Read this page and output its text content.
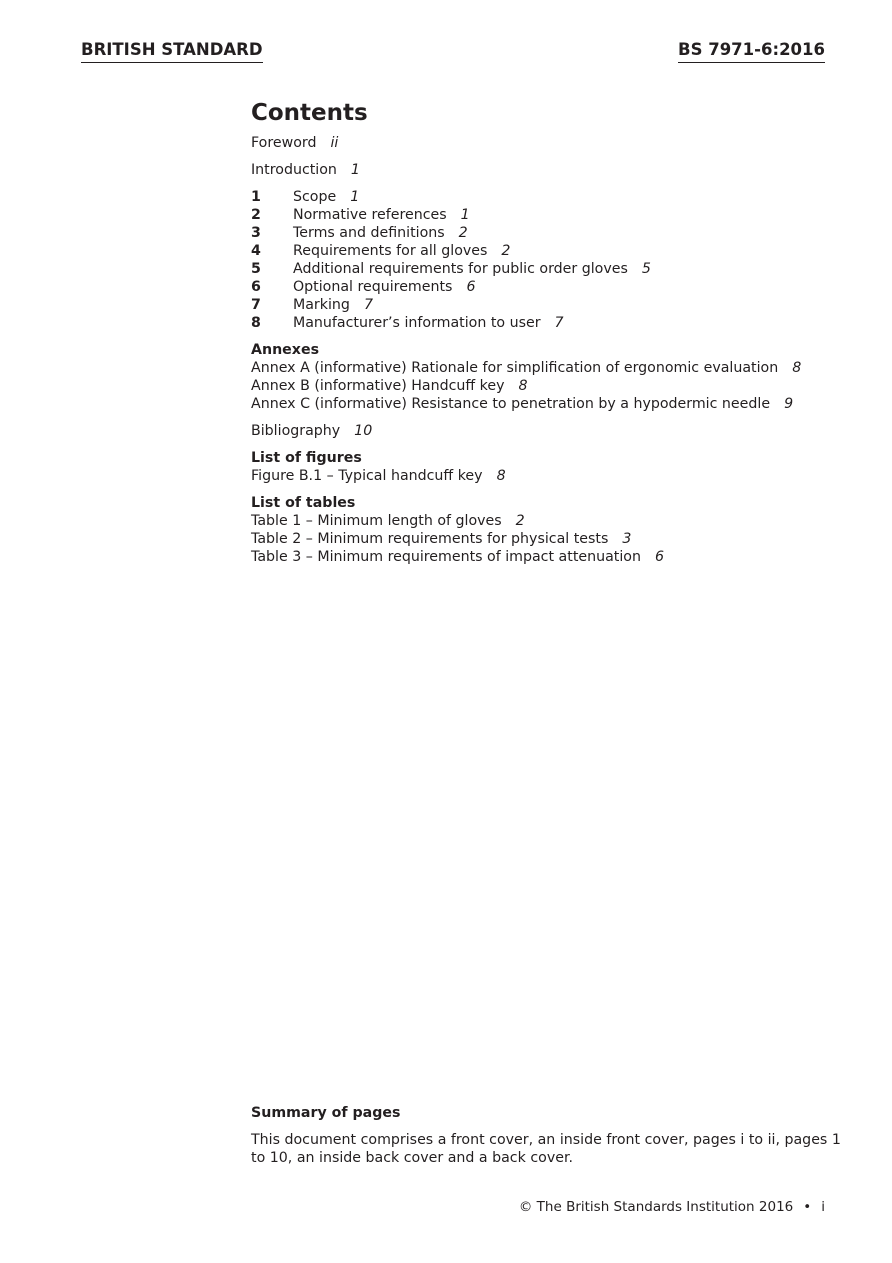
BRITISH STANDARD	BS 7971-6:2016
Contents
Foreword ii
Introduction 1
1	Scope 1
2	Normative references 1
3	Terms and definitions 2
4	Requirements for all gloves 2
5	Additional requirements for public order gloves 5
6	Optional requirements 6
7	Marking 7
8	Manufacturer’s information to user 7
Annexes
Annex A (informative) Rationale for simplification of ergonomic evaluation 8
Annex B (informative) Handcuff key 8
Annex C (informative) Resistance to penetration by a hypodermic needle 9
Bibliography 10
List of figures
Figure B.1 – Typical handcuff key 8
List of tables
Table 1 – Minimum length of gloves 2
Table 2 – Minimum requirements for physical tests 3
Table 3 – Minimum requirements of impact attenuation 6
Summary of pages
This document comprises a front cover, an inside front cover, pages i to ii, pages 1 to 10, an inside back cover and a back cover.
© The British Standards Institution 2016 • i
